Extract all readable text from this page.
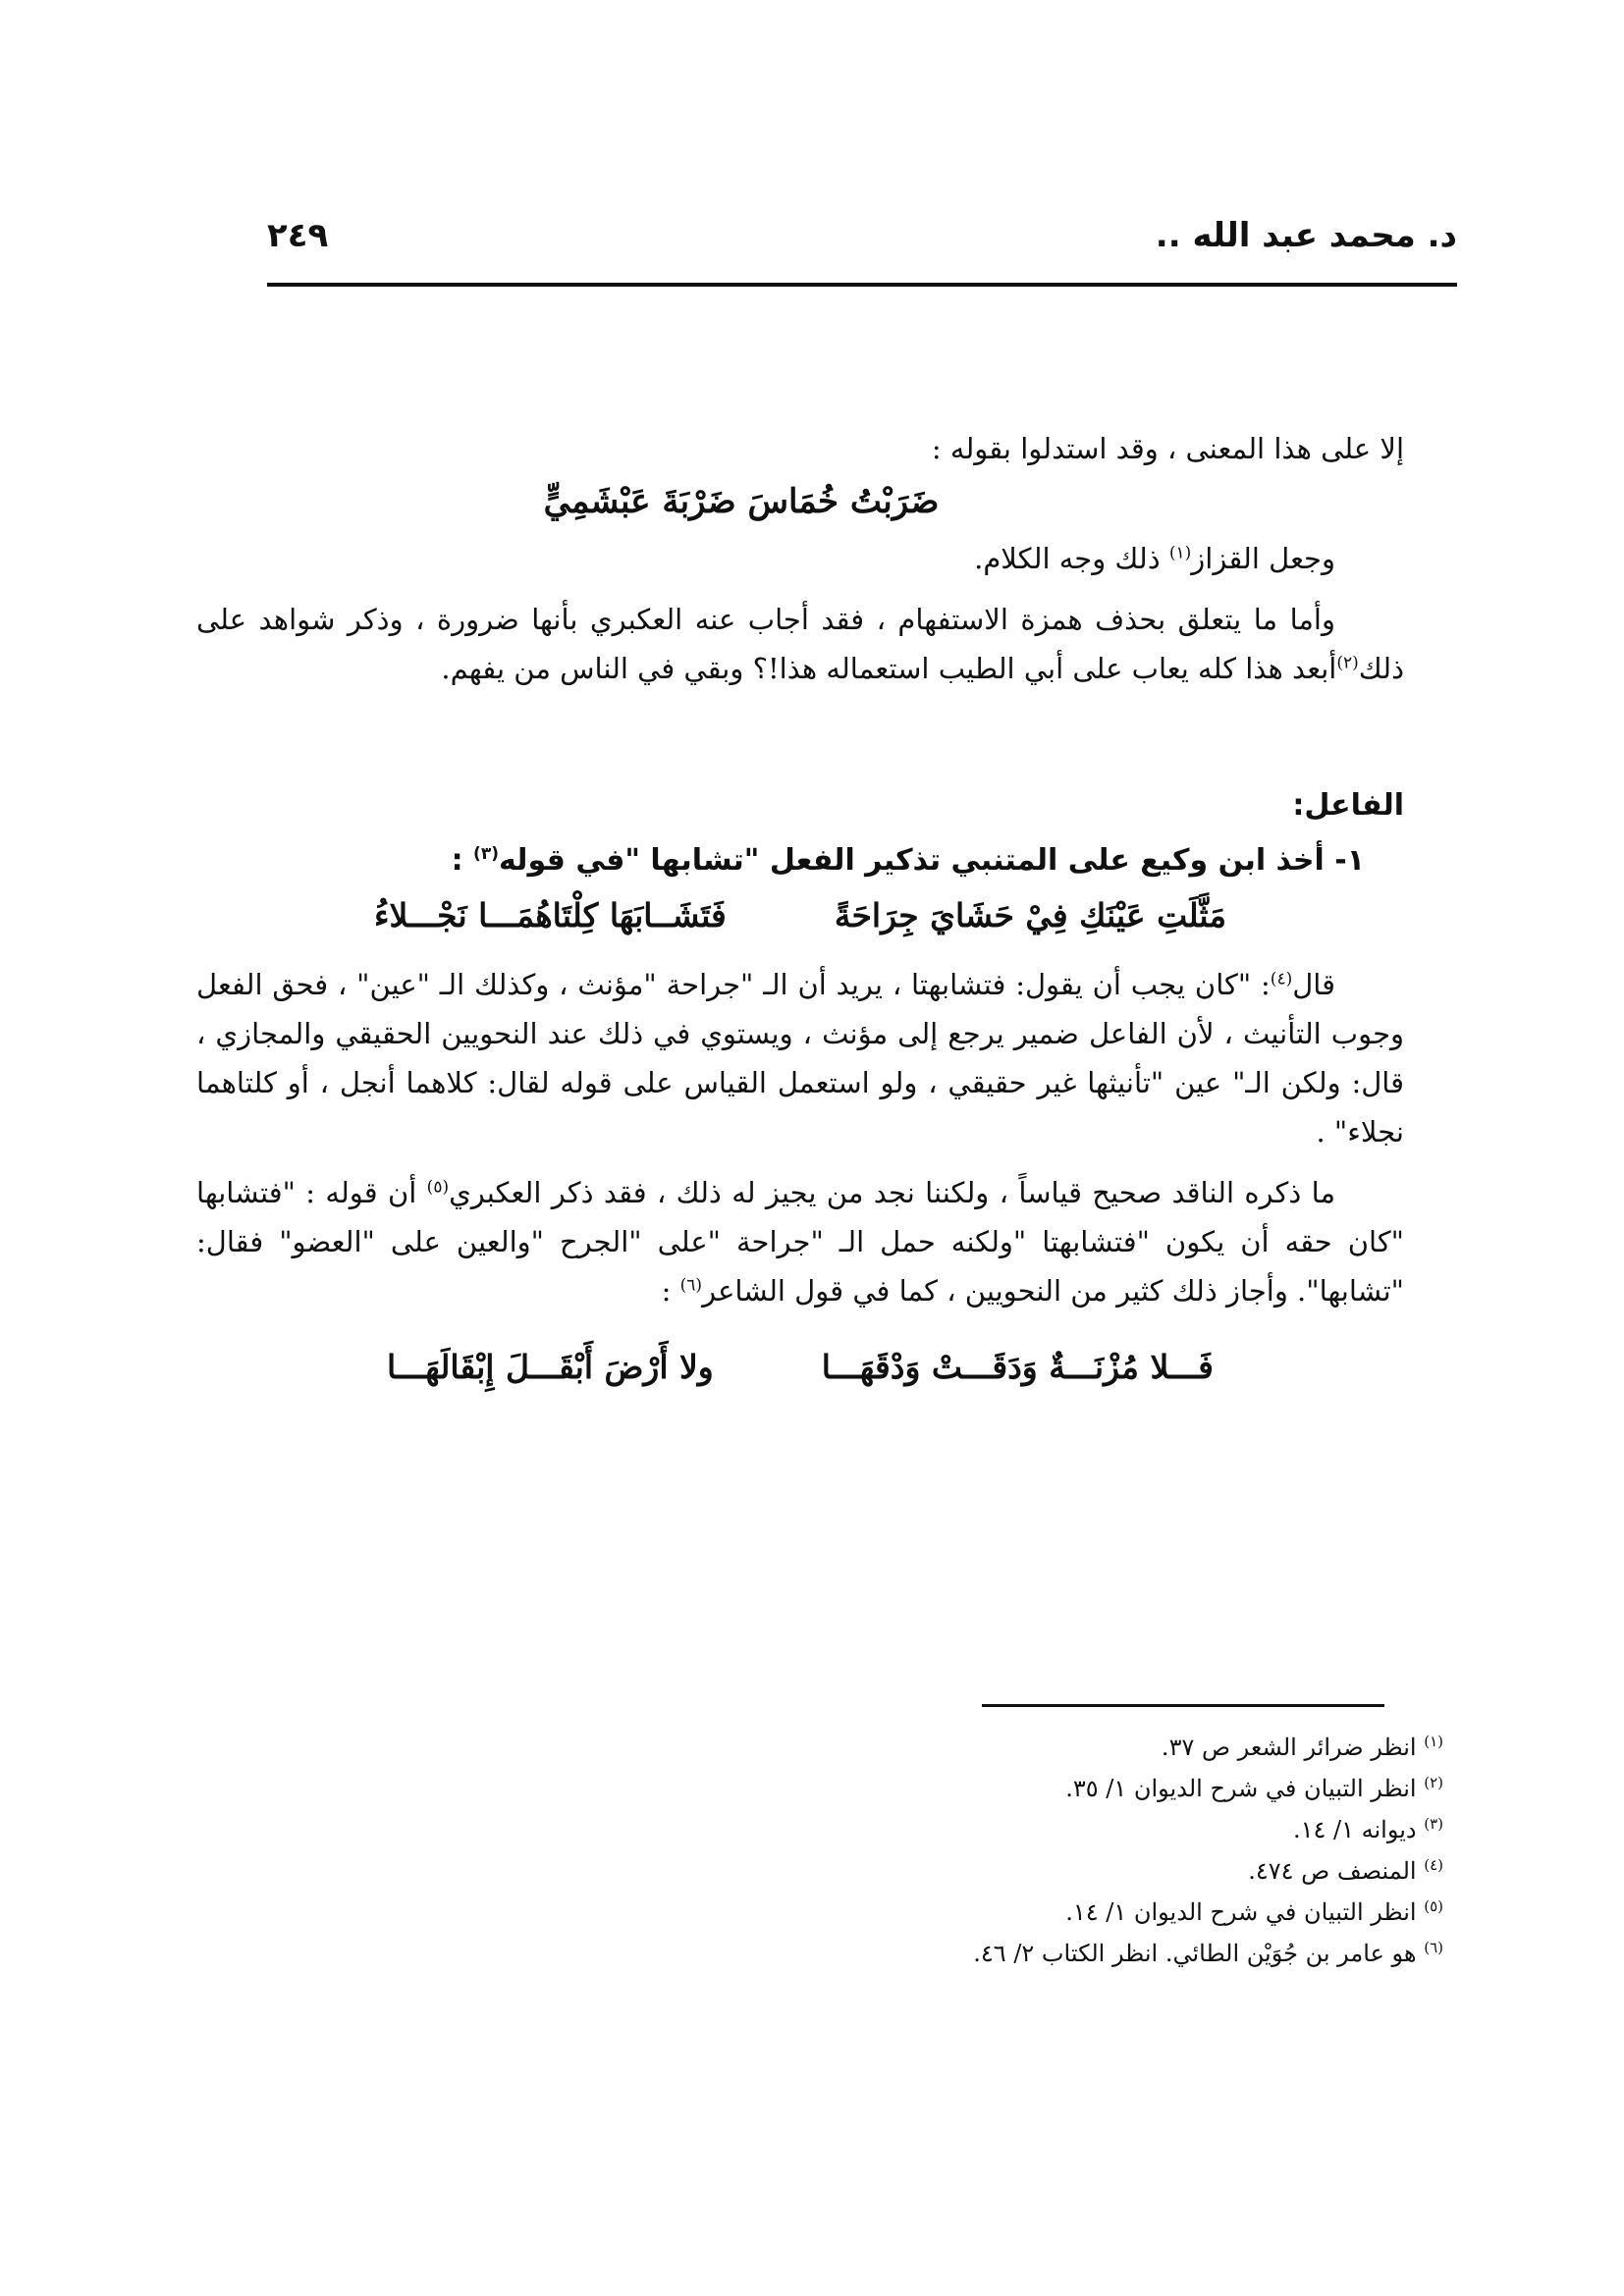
د. محمد عبد الله ..
٢٤٩

إلا على هذا المعنى ، وقد استدلوا بقوله :

ضَرَبْتُ خُمَاسَ ضَرْبَةَ عَبْشَمِيٍّ

وجعل القزاز$^{(١)}$ ذلك وجه الكلام.

وأما ما يتعلق بحذف همزة الاستفهام ، فقد أجاب عنه العكبري بأنها ضرورة ، وذكر شواهد على ذلك$^{(٢)}$أبعد هذا كله يعاب على أبي الطيب استعماله هذا!؟ وبقي في الناس من يفهم.

الفاعل:
١- أخذ ابن وكيع على المتنبي تذكير الفعل "تشابها "في قوله$^{(٣)}$ :
مَثَّلَتِ عَيْنَكِ فِيْ حَشَايَ جِرَاحَةً
فَتَشَــابَهَا كِلْتَاهُمَـــا نَجْـــلاءُ

قال$^{(٤)}$: "كان يجب أن يقول: فتشابهتا ، يريد أن الـ "جراحة "مؤنث ، وكذلك الـ "عين" ، فحق الفعل وجوب التأنيث ، لأن الفاعل ضمير يرجع إلى مؤنث ، ويستوي في ذلك عند النحويين الحقيقي والمجازي ، قال: ولكن الـ" عين "تأنيثها غير حقيقي ، ولو استعمل القياس على قوله لقال: كلاهما أنجل ، أو كلتاهما نجلاء" .

ما ذكره الناقد صحيح قياساً ، ولكننا نجد من يجيز له ذلك ، فقد ذكر العكبري$^{(٥)}$ أن قوله : "فتشابها "كان حقه أن يكون "فتشابهتا "ولكنه حمل الـ "جراحة "على "الجرح "والعين على "العضو" فقال: "تشابها". وأجاز ذلك كثير من النحويين ، كما في قول الشاعر$^{(٦)}$ :

فَـــلا مُزْنَـــةٌ وَدَقَـــتْ وَدْقَهَـــا
ولا أَرْضَ أَبْقَـــلَ إِبْقَالَهَـــا
$^{(١)}$ انظر ضرائر الشعر ص ٣٧.
$^{(٢)}$ انظر التبيان في شرح الديوان ١/ ٣٥.
$^{(٣)}$ ديوانه ١/ ١٤.
$^{(٤)}$ المنصف ص ٤٧٤.
$^{(٥)}$ انظر التبيان في شرح الديوان ١/ ١٤.
$^{(٦)}$ هو عامر بن جُوَيْن الطائي. انظر الكتاب ٢/ ٤٦.
